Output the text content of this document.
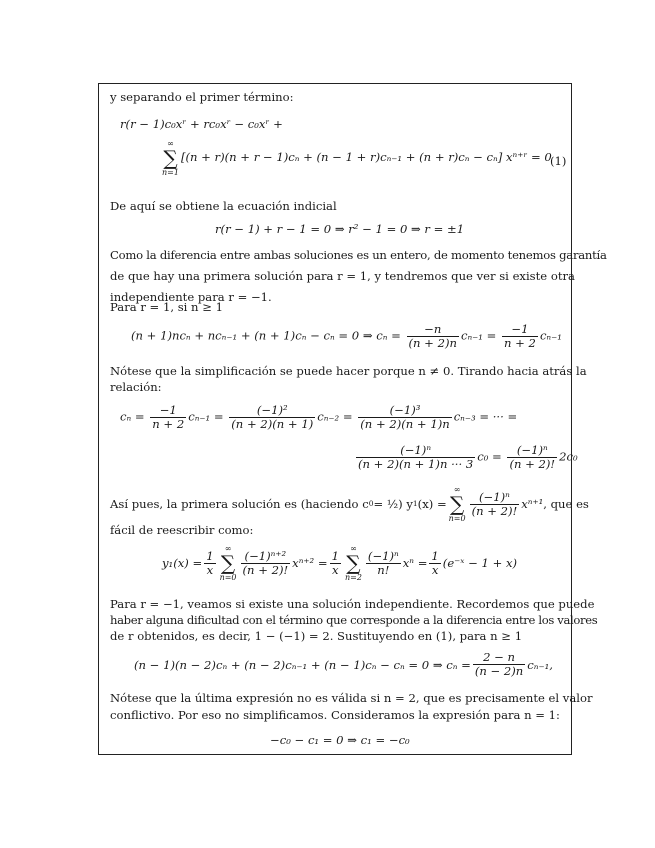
y separando el primer término:
r(r − 1)c₀xʳ + rc₀xʳ − c₀xʳ +
∞
∑
n=1
[(n + r)(n + r − 1)cₙ + (n − 1 + r)cₙ₋₁ + (n + r)cₙ − cₙ] xⁿ⁺ʳ = 0
(1)
De aquí se obtiene la ecuación indicial
r(r − 1) + r − 1 = 0 ⇒ r² − 1 = 0 ⇒ r = ±1
Como la diferencia entre ambas soluciones es un entero, de momento tenemos garantía
de que hay una primera solución para r = 1, y tendremos que ver si existe otra
independiente para r = −1.
Para r = 1, si n ≥ 1
(n + 1)ncₙ + ncₙ₋₁ + (n + 1)cₙ − cₙ = 0 ⇒ $c_n = \frac{-n}{(n + 2)n} c_{n-1} = \frac{-1}{n + 2} c_{n-1}$
Nótese que la simplificación se puede hacer porque n ≠ 0. Tirando hacia atrás la
relación:
$c_n = \frac{-1}{n + 2} c_{n-1} = \frac{\text{(−1)²}}{(n + 2)(n + 1)} c_{n-2} = \frac{\text{(−1)³}}{(n + 2)(n + 1)n} c_{n-3}$ = ··· =
$\frac{\text{(−1)ⁿ}}{(n + 2)(n + 1)n \cdot\cdot\cdot 3} c_0 = \frac{\text{(−1)ⁿ}}{(n + 2)!} 2c_0$
Así pues, la primera solución es (haciendo c 0 = ½) y 1 (x) =
∞
∑
n=0
$\frac{\text{(−1)ⁿ}}{(n + 2)!} x^{n+1}$ , que es
fácil de reescribir como:
$y_1(x) = \frac{1}{x}$
∞
∑
n=0
$\frac{\text{(−1)ⁿ⁺²}}{(n + 2)!} x^{n+2} = \frac{1}{x}$
∞
∑
n=2
$\frac{\text{(−1)ⁿ}}{n!}$ $x^n = \frac{1}{x}$ (e⁻ˣ − 1 + x)
Para r = −1, veamos si existe una solución independiente. Recordemos que puede
haber alguna dificultad con el término que corresponde a la diferencia entre los valores
de r obtenidos, es decir, 1 − (−1) = 2. Sustituyendo en (1), para n ≥ 1
(n − 1)(n − 2)cₙ + (n − 2)cₙ₋₁ + (n − 1)cₙ − cₙ = 0 ⇒ $c_n = \frac{2 - n}{(n - 2)n} c_{n-1}$,
Nótese que la última expresión no es válida si n = 2, que es precisamente el valor
conflictivo. Por eso no simplificamos. Consideramos la expresión para n = 1:
−c₀ − c₁ = 0 ⇒ c₁ = −c₀
